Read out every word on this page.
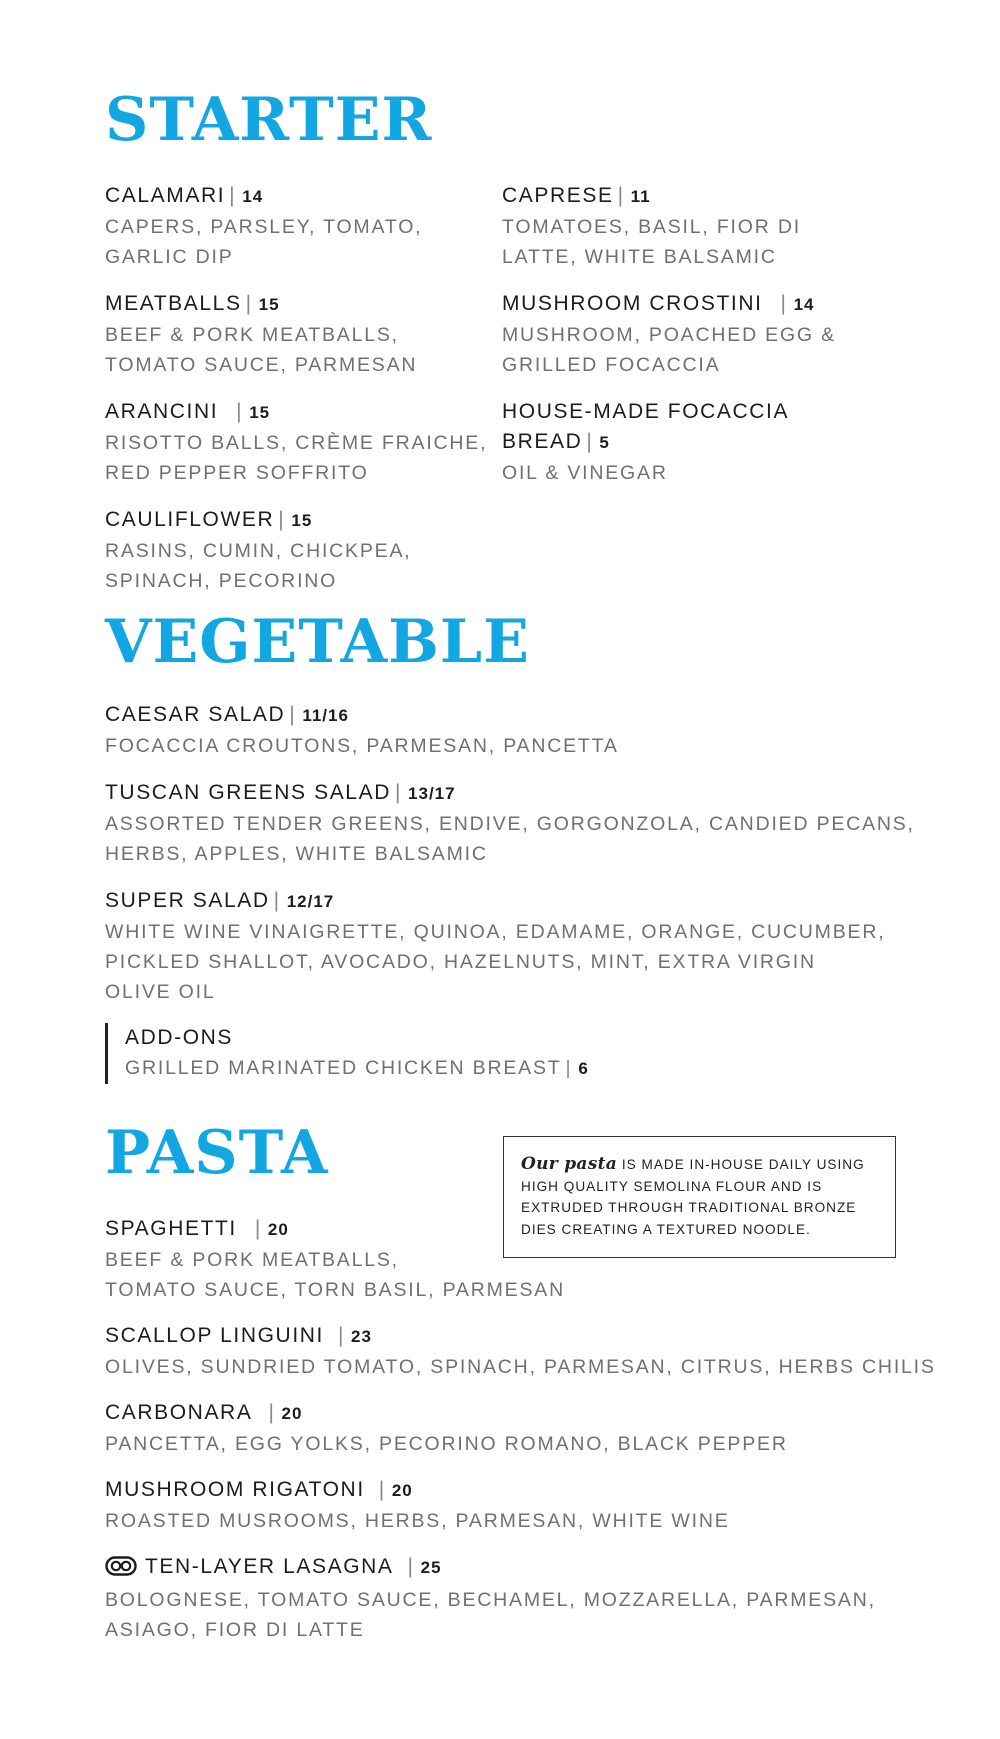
STARTER
CALAMARI | 14
CAPERS, PARSLEY, TOMATO,
GARLIC DIP
MEATBALLS | 15
BEEF & PORK MEATBALLS,
TOMATO SAUCE, PARMESAN
ARANCINI | 15
RISOTTO BALLS, CRÈME FRAICHE,
RED PEPPER SOFFRITO
CAULIFLOWER | 15
RASINS, CUMIN, CHICKPEA,
SPINACH, PECORINO
CAPRESE | 11
TOMATOES, BASIL, FIOR DI
LATTE, WHITE BALSAMIC
MUSHROOM CROSTINI | 14
MUSHROOM, POACHED EGG &
GRILLED FOCACCIA
HOUSE-MADE FOCACCIA
BREAD | 5
OIL & VINEGAR
VEGETABLE
CAESAR SALAD | 11/16
FOCACCIA CROUTONS, PARMESAN, PANCETTA
TUSCAN GREENS SALAD | 13/17
ASSORTED TENDER GREENS, ENDIVE, GORGONZOLA, CANDIED PECANS,
HERBS, APPLES, WHITE BALSAMIC
SUPER SALAD | 12/17
WHITE WINE VINAIGRETTE, QUINOA, EDAMAME, ORANGE, CUCUMBER,
PICKLED SHALLOT, AVOCADO, HAZELNUTS, MINT, EXTRA VIRGIN
OLIVE OIL
ADD-ONS
GRILLED MARINATED CHICKEN BREAST | 6
PASTA	Our pasta IS MADE IN-HOUSE DAILY USING
HIGH QUALITY SEMOLINA FLOUR AND IS
EXTRUDED THROUGH TRADITIONAL BRONZE
DIES CREATING A TEXTURED NOODLE.
SPAGHETTI | 20
BEEF & PORK MEATBALLS,
TOMATO SAUCE, TORN BASIL, PARMESAN
SCALLOP LINGUINI | 23
OLIVES, SUNDRIED TOMATO, SPINACH, PARMESAN, CITRUS, HERBS CHILIS
CARBONARA | 20
PANCETTA, EGG YOLKS, PECORINO ROMANO, BLACK PEPPER
MUSHROOM RIGATONI | 20
ROASTED MUSROOMS, HERBS, PARMESAN, WHITE WINE
TEN-LAYER LASAGNA | 25
BOLOGNESE, TOMATO SAUCE, BECHAMEL, MOZZARELLA, PARMESAN,
ASIAGO, FIOR DI LATTE
